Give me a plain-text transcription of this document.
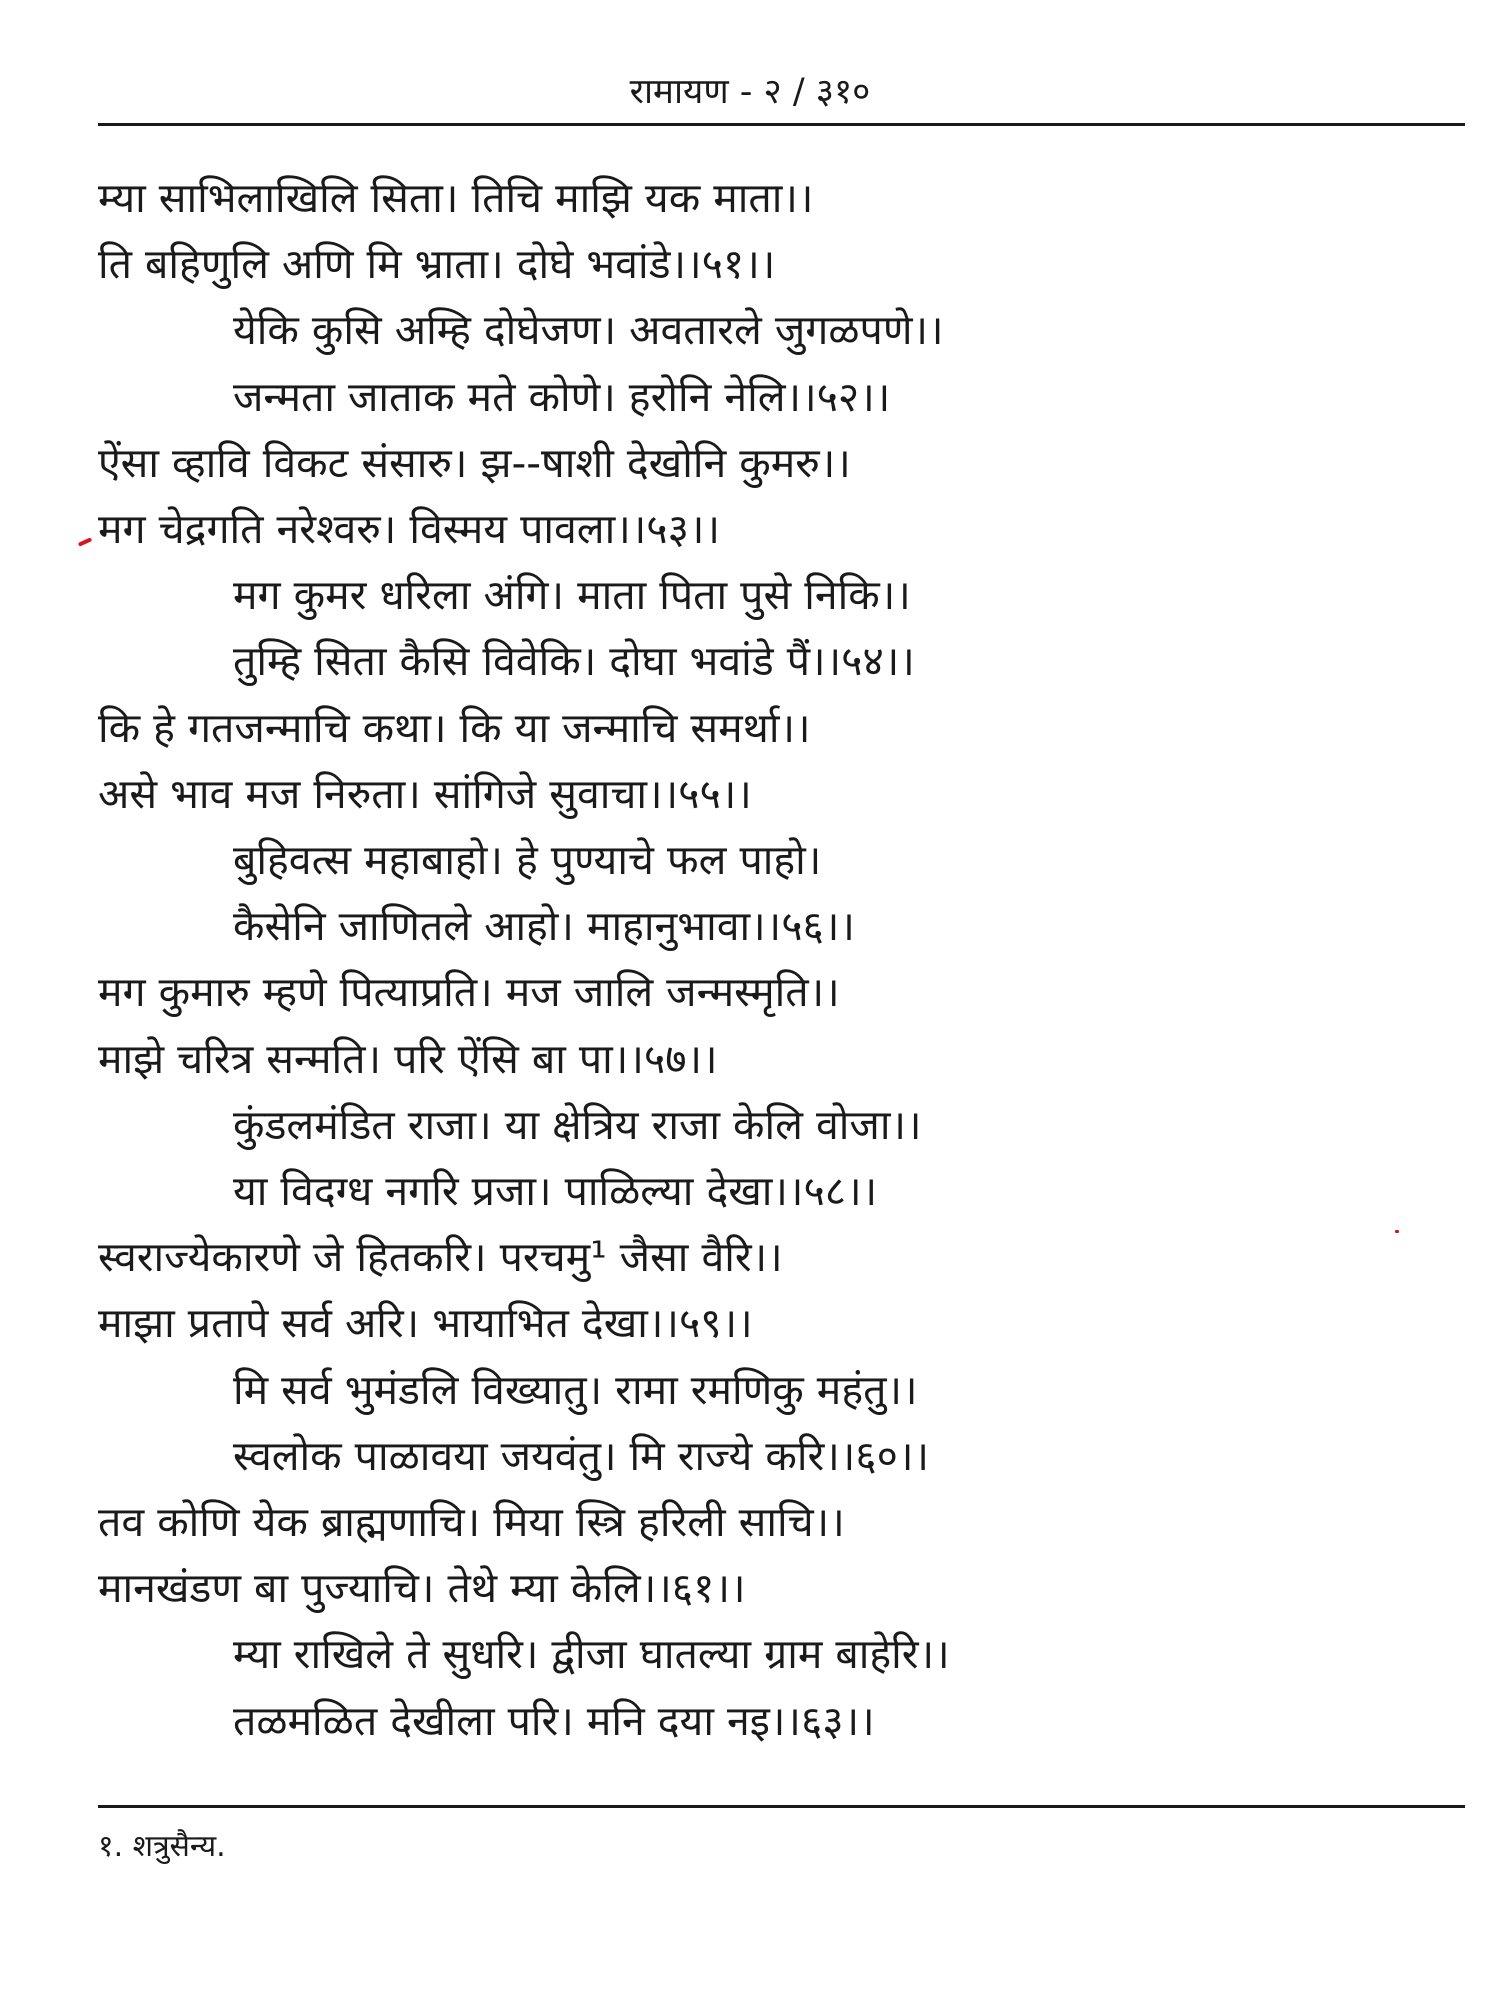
रामायण - २ / ३१०
म्या साभिलाखिलि सिता। तिचि माझि यक माता।।
ति बहिणुलि अणि मि भ्राता। दोघे भवांडे।।५१।।
येकि कुसि अम्हि दोघेजण। अवतारले जुगळपणे।।
जन्मता जाताक मते कोणे। हरोनि नेलि।।५२।।
ऐंसा व्हावि विकट संसारु। झ--षाशी देखोनि कुमरु।।
मग चेद्रगति नरेश्वरु। विस्मय पावला।।५३।।
मग कुमर धरिला अंगि। माता पिता पुसे निकि।।
तुम्हि सिता कैसि विवेकि। दोघा भवांडे पैं।।५४।।
कि हे गतजन्माचि कथा। कि या जन्माचि समर्था।।
असे भाव मज निरुता। सांगिजे सुवाचा।।५५।।
बुहिवत्स महाबाहो। हे पुण्याचे फल पाहो।
कैसेनि जाणितले आहो। माहानुभावा।।५६।।
मग कुमारु म्हणे पित्याप्रति। मज जालि जन्मस्मृति।।
माझे चरित्र सन्मति। परि ऐंसि बा पा।।५७।।
कुंडलमंडित राजा। या क्षेत्रिय राजा केलि वोजा।।
या विदग्ध नगरि प्रजा। पाळिल्या देखा।।५८।।
स्वराज्येकारणे जे हितकरि। परचमु¹ जैसा वैरि।।
माझा प्रतापे सर्व अरि। भायाभित देखा।।५९।।
मि सर्व भुमंडलि विख्यातु। रामा रमणिकु महंतु।।
स्वलोक पाळावया जयवंतु। मि राज्ये करि।।६०।।
तव कोणि येक ब्राह्मणाचि। मिया स्त्रि हरिली साचि।।
मानखंडण बा पुज्याचि। तेथे म्या केलि।।६१।।
म्या राखिले ते सुधरि। द्वीजा घातल्या ग्राम बाहेरि।।
तळमळित देखीला परि। मनि दया नइ।।६३।।
१. शत्रुसैन्य.
